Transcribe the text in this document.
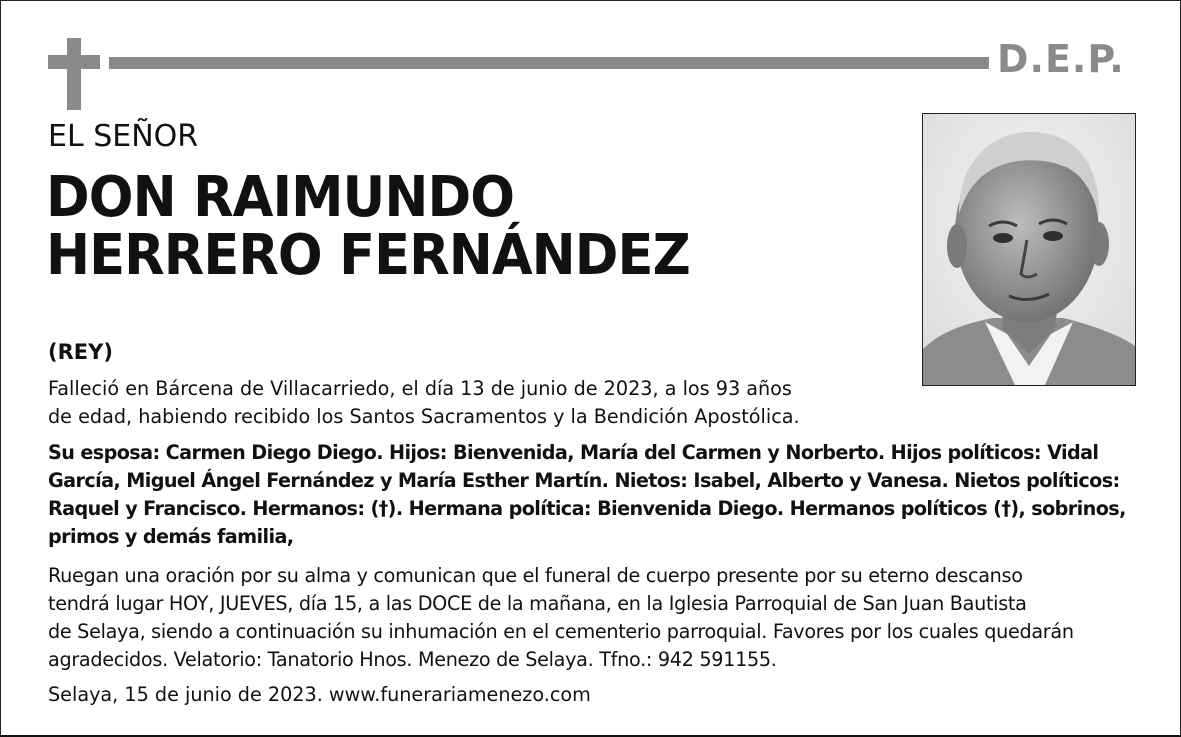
D.E.P.
EL SEÑOR
DON RAIMUNDO
HERRERO FERNÁNDEZ
(REY)
Falleció en Bárcena de Villacarriedo, el día 13 de junio de 2023, a los 93 años
de edad, habiendo recibido los Santos Sacramentos y la Bendición Apostólica.
Su esposa: Carmen Diego Diego. Hijos: Bienvenida, María del Carmen y Norberto. Hijos políticos: Vidal
García, Miguel Ángel Fernández y María Esther Martín. Nietos: Isabel, Alberto y Vanesa. Nietos políticos:
Raquel y Francisco. Hermanos: (†). Hermana política: Bienvenida Diego. Hermanos políticos (†), sobrinos,
primos y demás familia,
Ruegan una oración por su alma y comunican que el funeral de cuerpo presente por su eterno descanso
tendrá lugar HOY, JUEVES, día 15, a las DOCE de la mañana, en la Iglesia Parroquial de San Juan Bautista
de Selaya, siendo a continuación su inhumación en el cementerio parroquial. Favores por los cuales quedarán
agradecidos. Velatorio: Tanatorio Hnos. Menezo de Selaya. Tfno.: 942 591155.
Selaya, 15 de junio de 2023. www.funerariamenezo.com
